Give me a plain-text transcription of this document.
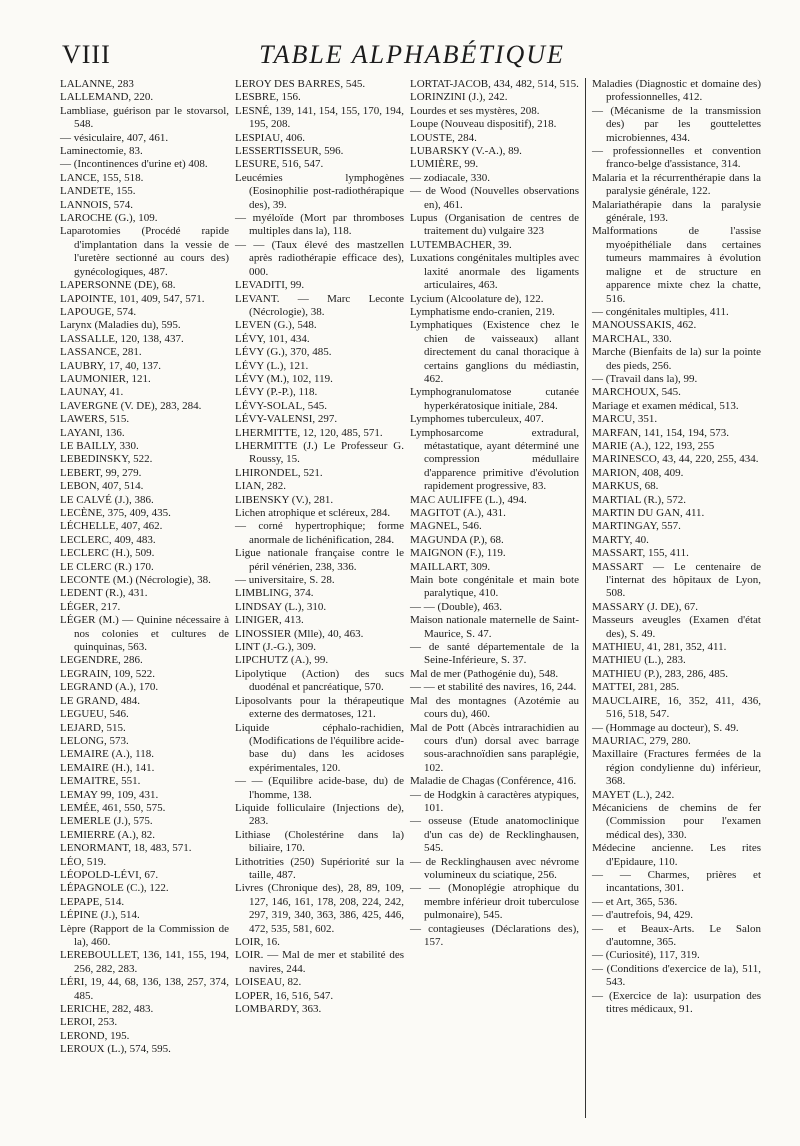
VIII	TABLE ALPHABÉTIQUE

LALANNE, 283

LALLEMAND, 220.

Lambliase, guérison par le stovarsol, 548.

— vésiculaire, 407, 461.

Laminectomie, 83.

— (Incontinences d'urine et) 408.

LANCE, 155, 518.

LANDETE, 155.

LANNOIS, 574.

LAROCHE (G.), 109.

Laparotomies (Procédé rapide d'implantation dans la vessie de l'uretère sectionné au cours des) gynécologiques, 487.

LAPERSONNE (DE), 68.

LAPOINTE, 101, 409, 547, 571.

LAPOUGE, 574.

Larynx (Maladies du), 595.

LASSALLE, 120, 138, 437.

LASSANCE, 281.

LAUBRY, 17, 40, 137.

LAUMONIER, 121.

LAUNAY, 41.

LAVERGNE (V. DE), 283, 284.

LAWERS, 515.

LAYANI, 136.

LE BAILLY, 330.

LEBEDINSKY, 522.

LEBERT, 99, 279.

LEBON, 407, 514.

LE CALVÉ (J.), 386.

LECÈNE, 375, 409, 435.

LÉCHELLE, 407, 462.

LECLERC, 409, 483.

LECLERC (H.), 509.

LE CLERC (R.) 170.

LECONTE (M.) (Nécrologie), 38.

LEDENT (R.), 431.

LÉGER, 217.

LÉGER (M.) — Quinine nécessaire à nos colonies et cultures de quinquinas, 563.

LEGENDRE, 286.

LEGRAIN, 109, 522.

LEGRAND (A.), 170.

LE GRAND, 484.

LEGUEU, 546.

LEJARD, 515.

LELONG, 573.

LEMAIRE (A.), 118.

LEMAIRE (H.), 141.

LEMAITRE, 551.

LEMAY 99, 109, 431.

LEMÉE, 461, 550, 575.

LEMERLE (J.), 575.

LEMIERRE (A.), 82.

LENORMANT, 18, 483, 571.

LÉO, 519.

LÉOPOLD-LÉVI, 67.

LÉPAGNOLE (C.), 122.

LEPAPE, 514.

LÉPINE (J.), 514.

Lèpre (Rapport de la Commission de la), 460.

LEREBOULLET, 136, 141, 155, 194, 256, 282, 283.

LÉRI, 19, 44, 68, 136, 138, 257, 374, 485.

LERICHE, 282, 483.

LEROI, 253.

LEROND, 195.

LEROUX (L.), 574, 595.

LEROY DES BARRES, 545.

LESBRE, 156.

LESNÉ, 139, 141, 154, 155, 170, 194, 195, 208.

LESPIAU, 406.

LESSERTISSEUR, 596.

LESURE, 516, 547.

Leucémies lymphogènes (Eosinophilie post-radiothérapique des), 39.

— myéloïde (Mort par thromboses multiples dans la), 118.

— — (Taux élevé des mastzellen après radiothérapie efficace des), 000.

LEVADITI, 99.

LEVANT. — Marc Leconte (Nécrologie), 38.

LEVEN (G.), 548.

LÉVY, 101, 434.

LÉVY (G.), 370, 485.

LÉVY (L.), 121.

LÉVY (M.), 102, 119.

LÉVY (P.-P.), 118.

LÉVY-SOLAL, 545.

LÉVY-VALENSI, 297.

LHERMITTE, 12, 120, 485, 571.

LHERMITTE (J.) Le Professeur G. Roussy, 15.

LHIRONDEL, 521.

LIAN, 282.

LIBENSKY (V.), 281.

Lichen atrophique et scléreux, 284.

— corné hypertrophique; forme anormale de lichénification, 284.

Ligue nationale française contre le péril vénérien, 238, 336.

— universitaire, S. 28.

LIMBLING, 374.

LINDSAY (L.), 310.

LINIGER, 413.

LINOSSIER (Mlle), 40, 463.

LINT (J.-G.), 309.

LIPCHUTZ (A.), 99.

Lipolytique (Action) des sucs duodénal et pancréatique, 570.

Liposolvants pour la thérapeutique externe des dermatoses, 121.

Liquide céphalo-rachidien, (Modifications de l'équilibre acide-base du) dans les acidoses expérimentales, 120.

— — (Equilibre acide-base, du) de l'homme, 138.

Liquide folliculaire (Injections de), 283.

Lithiase (Cholestérine dans la) biliaire, 170.

Lithotrities (250) Supériorité sur la taille, 487.

Livres (Chronique des), 28, 89, 109, 127, 146, 161, 178, 208, 224, 242, 297, 319, 340, 363, 386, 425, 446, 472, 535, 581, 602.

LOIR, 16.

LOIR. — Mal de mer et stabilité des navires, 244.

LOISEAU, 82.

LOPER, 16, 516, 547.

LOMBARDY, 363.

LORTAT-JACOB, 434, 482, 514, 515.

LORINZINI (J.), 242.

Lourdes et ses mystères, 208.

Loupe (Nouveau dispositif), 218.

LOUSTE, 284.

LUBARSKY (V.-A.), 89.

LUMIÈRE, 99.

— zodiacale, 330.

— de Wood (Nouvelles observations en), 461.

Lupus (Organisation de centres de traitement du) vulgaire 323

LUTEMBACHER, 39.

Luxations congénitales multiples avec laxité anormale des ligaments articulaires, 463.

Lycium (Alcoolature de), 122.

Lymphatisme endo-cranien, 219.

Lymphatiques (Existence chez le chien de vaisseaux) allant directement du canal thoracique à certains ganglions du médiastin, 462.

Lymphogranulomatose cutanée hyperkératosique initiale, 284.

Lymphomes tuberculeux, 407.

Lymphosarcome extradural, métastatique, ayant déterminé une compression médullaire d'apparence primitive d'évolution rapidement progressive, 83.

MAC AULIFFE (L.), 494.

MAGITOT (A.), 431.

MAGNEL, 546.

MAGUNDA (P.), 68.

MAIGNON (F.), 119.

MAILLART, 309.

Main bote congénitale et main bote paralytique, 410.

— — (Double), 463.

Maison nationale maternelle de Saint-Maurice, S. 47.

— de santé départementale de la Seine-Inférieure, S. 37.

Mal de mer (Pathogénie du), 548.

— — et stabilité des navires, 16, 244.

Mal des montagnes (Azotémie au cours du), 460.

Mal de Pott (Abcès intrarachidien au cours d'un) dorsal avec barrage sous-arachnoïdien sans paraplégie, 102.

Maladie de Chagas (Conférence, 416.

— de Hodgkin à caractères atypiques, 101.

— osseuse (Etude anatomoclinique d'un cas de) de Recklinghausen, 545.

— de Recklinghausen avec névrome volumineux du sciatique, 256.

— — (Monoplégie atrophique du membre inférieur droit tuberculose pulmonaire), 545.

— contagieuses (Déclarations des), 157.

Maladies (Diagnostic et domaine des) professionnelles, 412.

— (Mécanisme de la transmission des) par les gouttelettes microbiennes, 434.

— professionnelles et convention franco-belge d'assistance, 314.

Malaria et la récurrenthérapie dans la paralysie générale, 122.

Malariathérapie dans la paralysie générale, 193.

Malformations de l'assise myoépithéliale dans certaines tumeurs mammaires à évolution maligne et de structure en apparence mixte chez la chatte, 516.

— congénitales multiples, 411.

MANOUSSAKIS, 462.

MARCHAL, 330.

Marche (Bienfaits de la) sur la pointe des pieds, 256.

— (Travail dans la), 99.

MARCHOUX, 545.

Mariage et examen médical, 513.

MARCU, 351.

MARFAN, 141, 154, 194, 573.

MARIE (A.), 122, 193, 255

MARINESCO, 43, 44, 220, 255, 434.

MARION, 408, 409.

MARKUS, 68.

MARTIAL (R.), 572.

MARTIN DU GAN, 411.

MARTINGAY, 557.

MARTY, 40.

MASSART, 155, 411.

MASSART — Le centenaire de l'internat des hôpitaux de Lyon, 508.

MASSARY (J. DE), 67.

Masseurs aveugles (Examen d'état des), S. 49.

MATHIEU, 41, 281, 352, 411.

MATHIEU (L.), 283.

MATHIEU (P.), 283, 286, 485.

MATTEI, 281, 285.

MAUCLAIRE, 16, 352, 411, 436, 516, 518, 547.

— (Hommage au docteur), S. 49.

MAURIAC, 279, 280.

Maxillaire (Fractures fermées de la région condylienne du) inférieur, 368.

MAYET (L.), 242.

Mécaniciens de chemins de fer (Commission pour l'examen médical des), 330.

Médecine ancienne. Les rites d'Epidaure, 110.

— — Charmes, prières et incantations, 301.

— et Art, 365, 536.

— d'autrefois, 94, 429.

— et Beaux-Arts. Le Salon d'automne, 365.

— (Curiosité), 117, 319.

— (Conditions d'exercice de la), 511, 543.

— (Exercice de la): usurpation des titres médicaux, 91.
